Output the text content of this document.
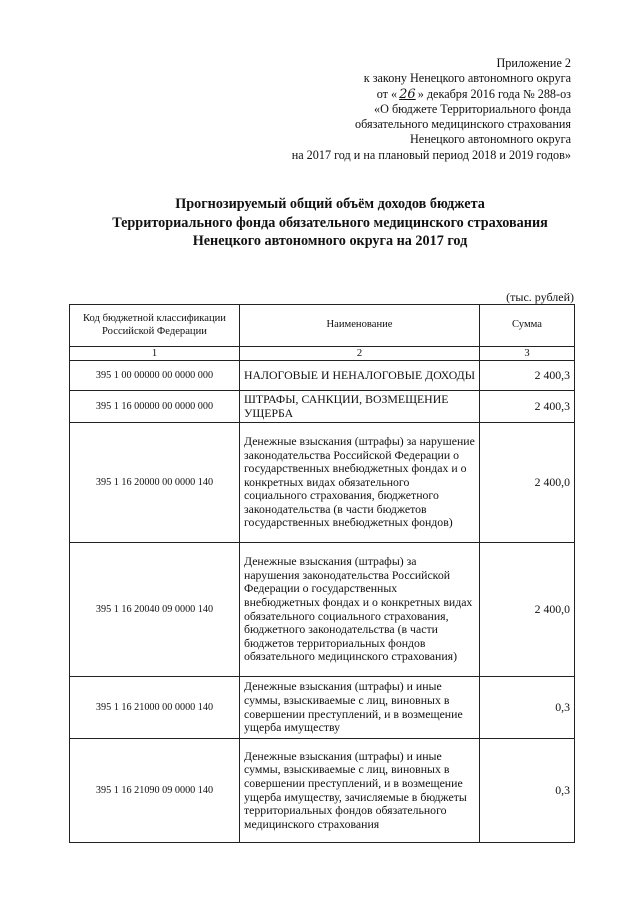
Приложение 2
к закону Ненецкого автономного округа
от « 26 » декабря 2016 года № 288-оз
«О бюджете Территориального фонда
обязательного медицинского страхования
Ненецкого автономного округа
на 2017 год и на плановый период 2018 и 2019 годов»
Прогнозируемый общий объём доходов бюджета
Территориального фонда обязательного медицинского страхования
Ненецкого автономного округа на 2017 год
(тыс. рублей)
Код бюджетной классификации Российской Федерации	Наименование	Сумма
1	2	3
395 1 00 00000 00 0000 000	НАЛОГОВЫЕ И НЕНАЛОГОВЫЕ ДОХОДЫ	2 400,3
395 1 16 00000 00 0000 000	ШТРАФЫ, САНКЦИИ, ВОЗМЕЩЕНИЕ УЩЕРБА	2 400,3
395 1 16 20000 00 0000 140	Денежные взыскания (штрафы) за нарушение законодательства Российской Федерации о государственных внебюджетных фондах и о конкретных видах обязательного социального страхования, бюджетного законодательства (в части бюджетов государственных внебюджетных фондов)	2 400,0
395 1 16 20040 09 0000 140	Денежные взыскания (штрафы) за нарушения законодательства Российской Федерации о государственных внебюджетных фондах и о конкретных видах обязательного социального страхования, бюджетного законодательства (в части бюджетов территориальных фондов обязательного медицинского страхования)	2 400,0
395 1 16 21000 00 0000 140	Денежные взыскания (штрафы) и иные суммы, взыскиваемые с лиц, виновных в совершении преступлений, и в возмещение ущерба имуществу	0,3
395 1 16 21090 09 0000 140	Денежные взыскания (штрафы) и иные суммы, взыскиваемые с лиц, виновных в совершении преступлений, и в возмещение ущерба имуществу, зачисляемые в бюджеты территориальных фондов обязательного медицинского страхования	0,3
